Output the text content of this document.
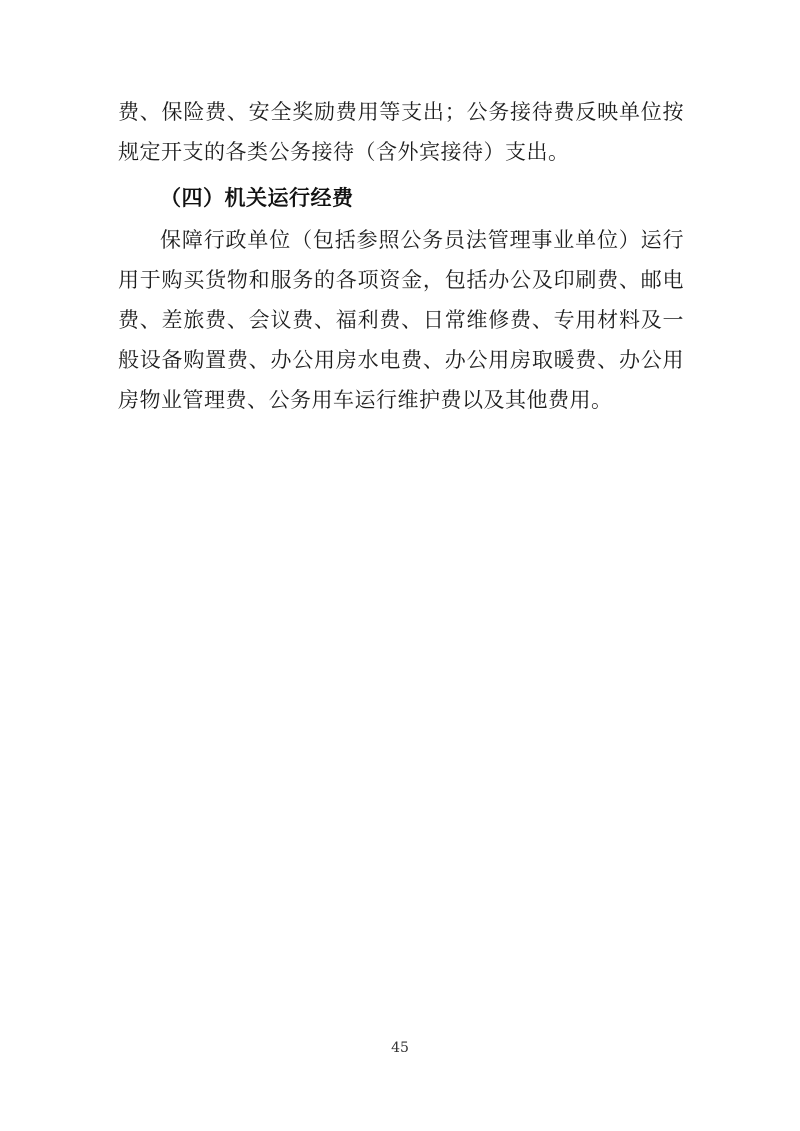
费、保险费、安全奖励费用等支出；公务接待费反映单位按规定开支的各类公务接待（含外宾接待）支出。

（四）机关运行经费

保障行政单位（包括参照公务员法管理事业单位）运行用于购买货物和服务的各项资金，包括办公及印刷费、邮电费、差旅费、会议费、福利费、日常维修费、专用材料及一般设备购置费、办公用房水电费、办公用房取暖费、办公用房物业管理费、公务用车运行维护费以及其他费用。

45
